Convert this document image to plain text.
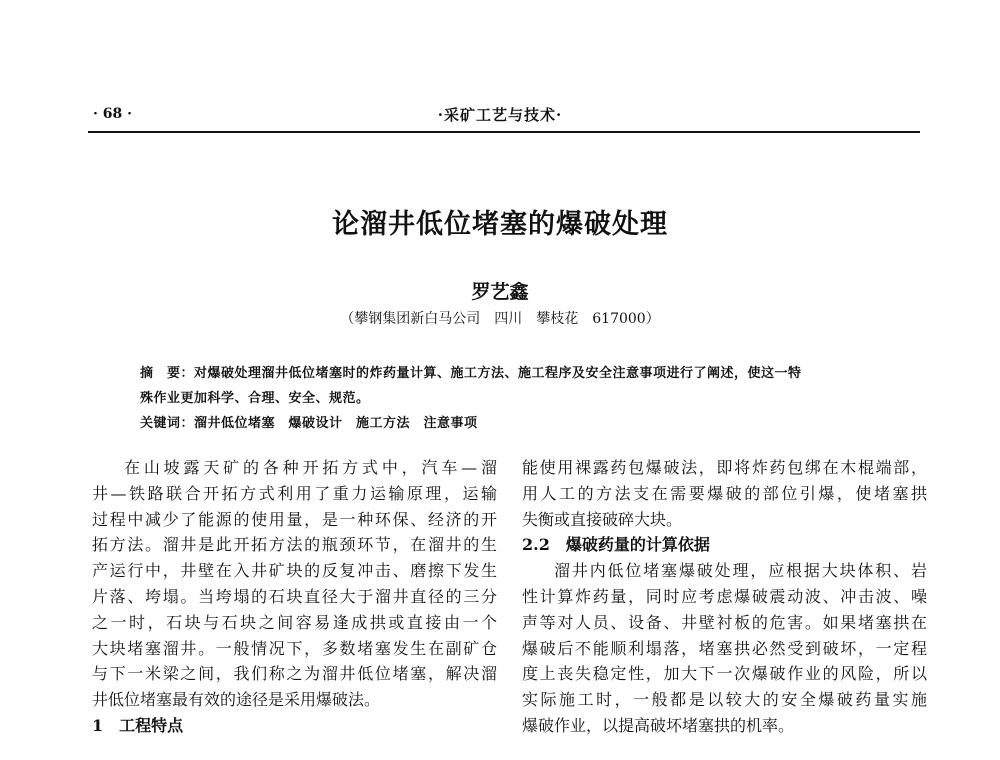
· 68 ·	·采矿工艺与技术·
论溜井低位堵塞的爆破处理
罗艺鑫
（攀钢集团新白马公司　四川　攀枝花　617000）
摘　要：对爆破处理溜井低位堵塞时的炸药量计算、施工方法、施工程序及安全注意事项进行了阐述，使这一特
殊作业更加科学、合理、安全、规范。
关键词：溜井低位堵塞　爆破设计　施工方法　注意事项
在山坡露天矿的各种开拓方式中，汽车—溜
井—铁路联合开拓方式利用了重力运输原理，运输
过程中减少了能源的使用量，是一种环保、经济的开
拓方法。溜井是此开拓方法的瓶颈环节，在溜井的生
产运行中，井壁在入井矿块的反复冲击、磨擦下发生
片落、垮塌。当垮塌的石块直径大于溜井直径的三分
之一时，石块与石块之间容易逢成拱或直接由一个
大块堵塞溜井。一般情况下，多数堵塞发生在副矿仓
与下一米梁之间，我们称之为溜井低位堵塞，解决溜
井低位堵塞最有效的途径是采用爆破法。
1　工程特点
能使用裸露药包爆破法，即将炸药包绑在木棍端部，
用人工的方法支在需要爆破的部位引爆，使堵塞拱
失衡或直接破碎大块。
2.2　爆破药量的计算依据
溜井内低位堵塞爆破处理，应根据大块体积、岩
性计算炸药量，同时应考虑爆破震动波、冲击波、噪
声等对人员、设备、井壁衬板的危害。如果堵塞拱在
爆破后不能顺利塌落，堵塞拱必然受到破坏，一定程
度上丧失稳定性，加大下一次爆破作业的风险，所以
实际施工时，一般都是以较大的安全爆破药量实施
爆破作业，以提高破坏堵塞拱的机率。
